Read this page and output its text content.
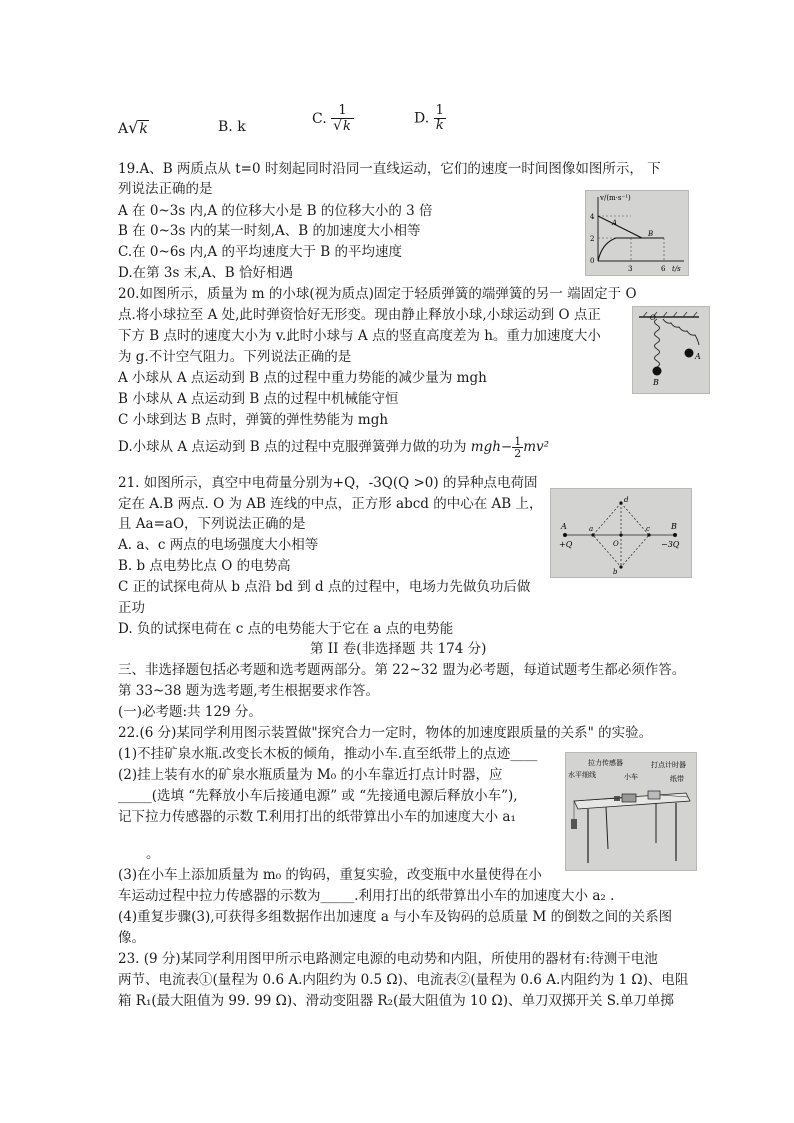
A√k	B. k	C. $\frac{1}{√k}$	D. $\frac{1}{k}$
19.A、B 两质点从 t=0 时刻起同时沿同一直线运动，它们的速度一时间图像如图所示， 下
列说法正确的是
A 在 0~3s 内,A 的位移大小是 B 的位移大小的 3 倍
B 在 0~3s 内的某一时刻,A、B 的加速度大小相等
C.在 0~6s 内,A 的平均速度大于 B 的平均速度
D.在第 3s 末,A、B 恰好相遇
v/(m·s⁻¹)
4
2
0
3	6 t/s
A
B
20.如图所示，质量为 m 的小球(视为质点)固定于轻质弹簧的端弹簧的另一 端固定于 O
点.将小球拉至 A 处,此时弹资恰好无形变。现由静止释放小球,小球运动到 O 点正
下方 B 点时的速度大小为 v.此时小球与 A 点的竖直高度差为 h。重力加速度大小
为 g.不计空气阻力。下列说法正确的是
A 小球从 A 点运动到 B 点的过程中重力势能的减少量为 mgh
B 小球从 A 点运动到 B 点的过程中机械能守恒
C 小球到达 B 点时，弹簧的弹性势能为 mgh
D.小球从 A 点运动到 B 点的过程中克服弹簧弹力做的功为 $mgh- \frac{1}{2} mv^2$
O
A
B
21. 如图所示，真空中电荷量分别为+Q，-3Q(Q >0) 的异种点电荷固
定在 A.B 两点. O 为 AB 连线的中点，正方形 abcd 的中心在 AB 上，
且 Aa=aO，下列说法正确的是
A. a、c 两点的电场强度大小相等
B. b 点电势比点 O 的电势高
C 正的试探电荷从 b 点沿 bd 到 d 点的过程中，电场力先做负功后做
正功
D. 负的试探电荷在 c 点的电势能大于它在 a 点的电势能
A
+Q
B
−3Q
a	c
d
b
O
第 II 卷(非选择题 共 174 分)
三、非选择题包括必考题和选考题两部分。第 22~32 盟为必考题，每道试题考生都必须作答。
第 33~38 题为选考题,考生根据要求作答。
(一)必考题:共 129 分。
22.(6 分)某同学利用图示装置做"探究合力一定时，物体的加速度跟质量的关系" 的实验。
(1)不挂矿泉水瓶.改变长木板的倾角，推动小车.直至纸带上的点迹____
(2)挂上装有水的矿泉水瓶质量为 M₀ 的小车靠近打点计时器，应
_____(选填 “先释放小车后接通电源” 或 “先接通电源后释放小车”),
记下拉力传感器的示数 T.利用打出的纸带算出小车的加速度大小 a₁
。
(3)在小车上添加质量为 m₀ 的钩码，重复实验，改变瓶中水量使得在小
车运动过程中拉力传感器的示数为_____.利用打出的纸带算出小车的加速度大小 a₂ .
(4)重复步骤(3),可获得多组数据作出加速度 a 与小车及钩码的总质量 M 的倒数之间的关系图
像。
拉力传感器	打点计时器
水平细线	小车	纸带
23. (9 分)某同学利用图甲所示电路测定电源的电动势和内阻，所使用的器材有:待测干电池
两节、电流表①(量程为 0.6 A.内阻约为 0.5 Ω)、电流表②(量程为 0.6 A.内阻约为 1 Ω)、电阻
箱 R₁(最大阻值为 99. 99 Ω)、滑动变阻器 R₂(最大阻值为 10 Ω)、单刀双掷开关 S.单刀单掷
